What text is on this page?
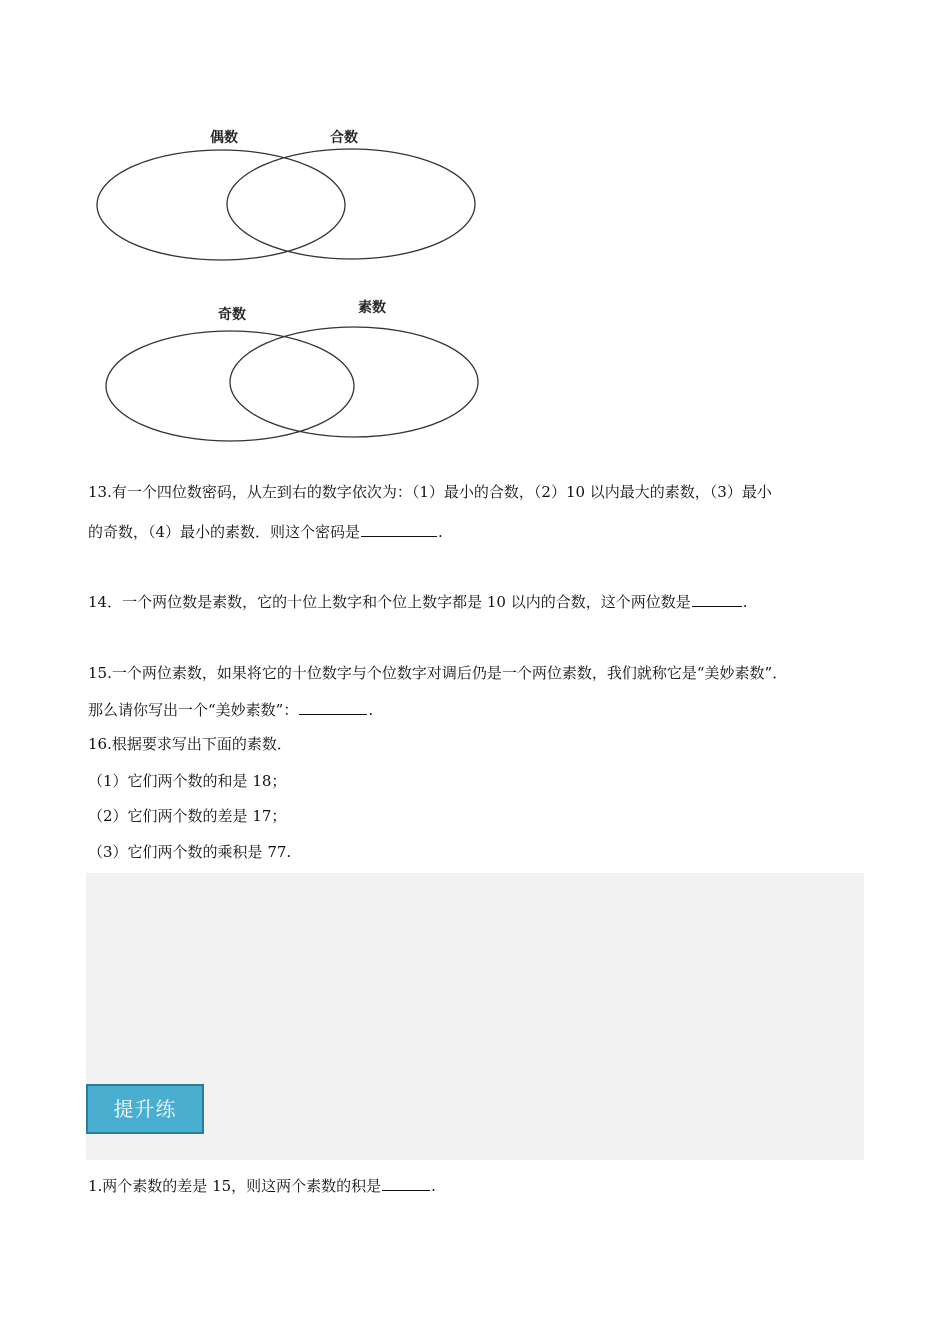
偶数	合数
奇数	素数
13.有一个四位数密码，从左到右的数字依次为：（1）最小的合数，（2）10 以内最大的素数，（3）最小
的奇数，（4）最小的素数．则这个密码是	.
14．一个两位数是素数，它的十位上数字和个位上数字都是 10 以内的合数，这个两位数是	.
15.一个两位素数，如果将它的十位数字与个位数字对调后仍是一个两位素数，我们就称它是“美妙素数”．
那么请你写出一个“美妙素数”：	.
16.根据要求写出下面的素数．
（1）它们两个数的和是 18；
（2）它们两个数的差是 17；
（3）它们两个数的乘积是 77.
提升练
1.两个素数的差是 15，则这两个素数的积是	.
